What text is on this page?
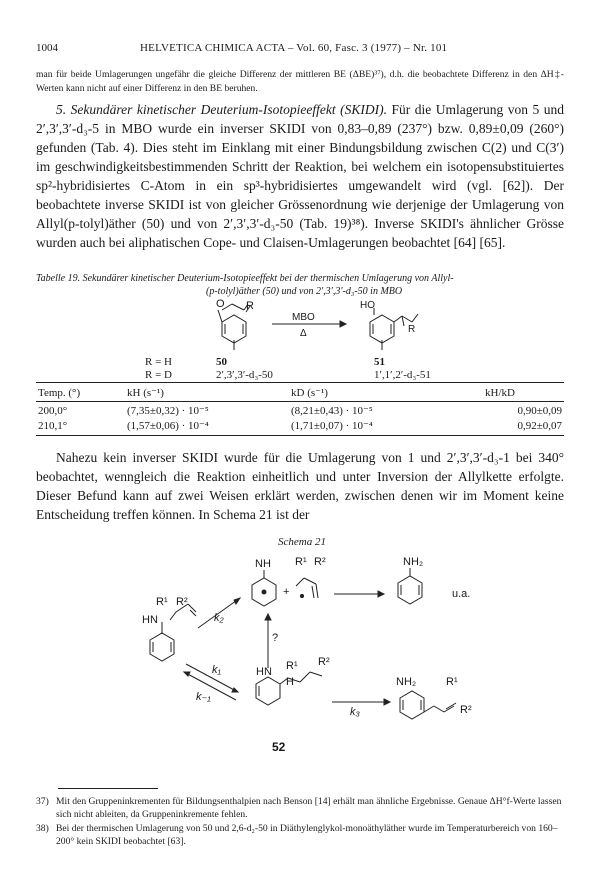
1004	HELVETICA CHIMICA ACTA – Vol. 60, Fasc. 3 (1977) – Nr. 101

man für beide Umlagerungen ungefähr die gleiche Differenz der mittleren BE (ΔBE)³⁷), d.h. die beobachtete Differenz in den ΔH‡-Werten kann nicht auf einer Differenz in den BE beruhen.

5. Sekundärer kinetischer Deuterium-Isotopieeffekt (SKIDI). Für die Umlagerung von 5 und 2′,3′,3′-d₃-5 in MBO wurde ein inverser SKIDI von 0,83–0,89 (237°) bzw. 0,89±0,09 (260°) gefunden (Tab. 4). Dies steht im Einklang mit einer Bindungsbildung zwischen C(2) und C(3′) im geschwindigkeitsbestimmenden Schritt der Reaktion, bei welchem ein isotopensubstituiertes sp²-hybridisiertes C-Atom in ein sp³-hybridisiertes umgewandelt wird (vgl. [62]). Der beobachtete inverse SKIDI ist von gleicher Grössenordnung wie derjenige der Umlagerung von Allyl(p-tolyl)äther (50) und von 2′,3′,3′-d₃-50 (Tab. 19)³⁸). Inverse SKIDI's ähnlicher Grösse wurden auch bei aliphatischen Cope- und Claisen-Umlagerungen beobachtet [64] [65].

Tabelle 19. Sekundärer kinetischer Deuterium-Isotopieeffekt bei der thermischen Umlagerung von Allyl-
(p-tolyl)äther (50) und von 2′,3′,3′-d₃-50 in MBO
O R
MBO
Δ
HO
R
R = H	50	51
R = D	2′,3′,3′-d₃-50	1′,1′,2′-d₃-51
Temp. (°)	kH (s⁻¹)	kD (s⁻¹)	kH/kD
200,0°	(7,35±0,32) · 10⁻⁵	(8,21±0,43) · 10⁻⁵	0,90±0,09
210,1°	(1,57±0,06) · 10⁻⁴	(1,71±0,07) · 10⁻⁴	0,92±0,07

Nahezu kein inverser SKIDI wurde für die Umlagerung von 1 und 2′,3′,3′-d₃-1 bei 340° beobachtet, wenngleich die Reaktion einheitlich und unter Inversion der Allylkette erfolgte. Dieser Befund kann auf zwei Weisen erklärt werden, zwischen denen wir im Moment keine Entscheidung treffen können. In Schema 21 ist der

Schema 21
NH R¹ R²
+
NH₂
u.a.
R¹ R²
HN	k₂
?
k₁
k₋₁
HN R¹ R²
H
k₃
NH₂	R¹
R²
52
37) Mit den Gruppeninkrementen für Bildungsenthalpien nach Benson [14] erhält man ähnliche Ergebnisse. Genaue ΔH°f-Werte lassen sich nicht ableiten, da Gruppeninkremente fehlen.
38) Bei der thermischen Umlagerung von 50 und 2,6-d₂-50 in Diäthylenglykol-monoäthyläther wurde im Temperaturbereich von 160–200° kein SKIDI beobachtet [63].
